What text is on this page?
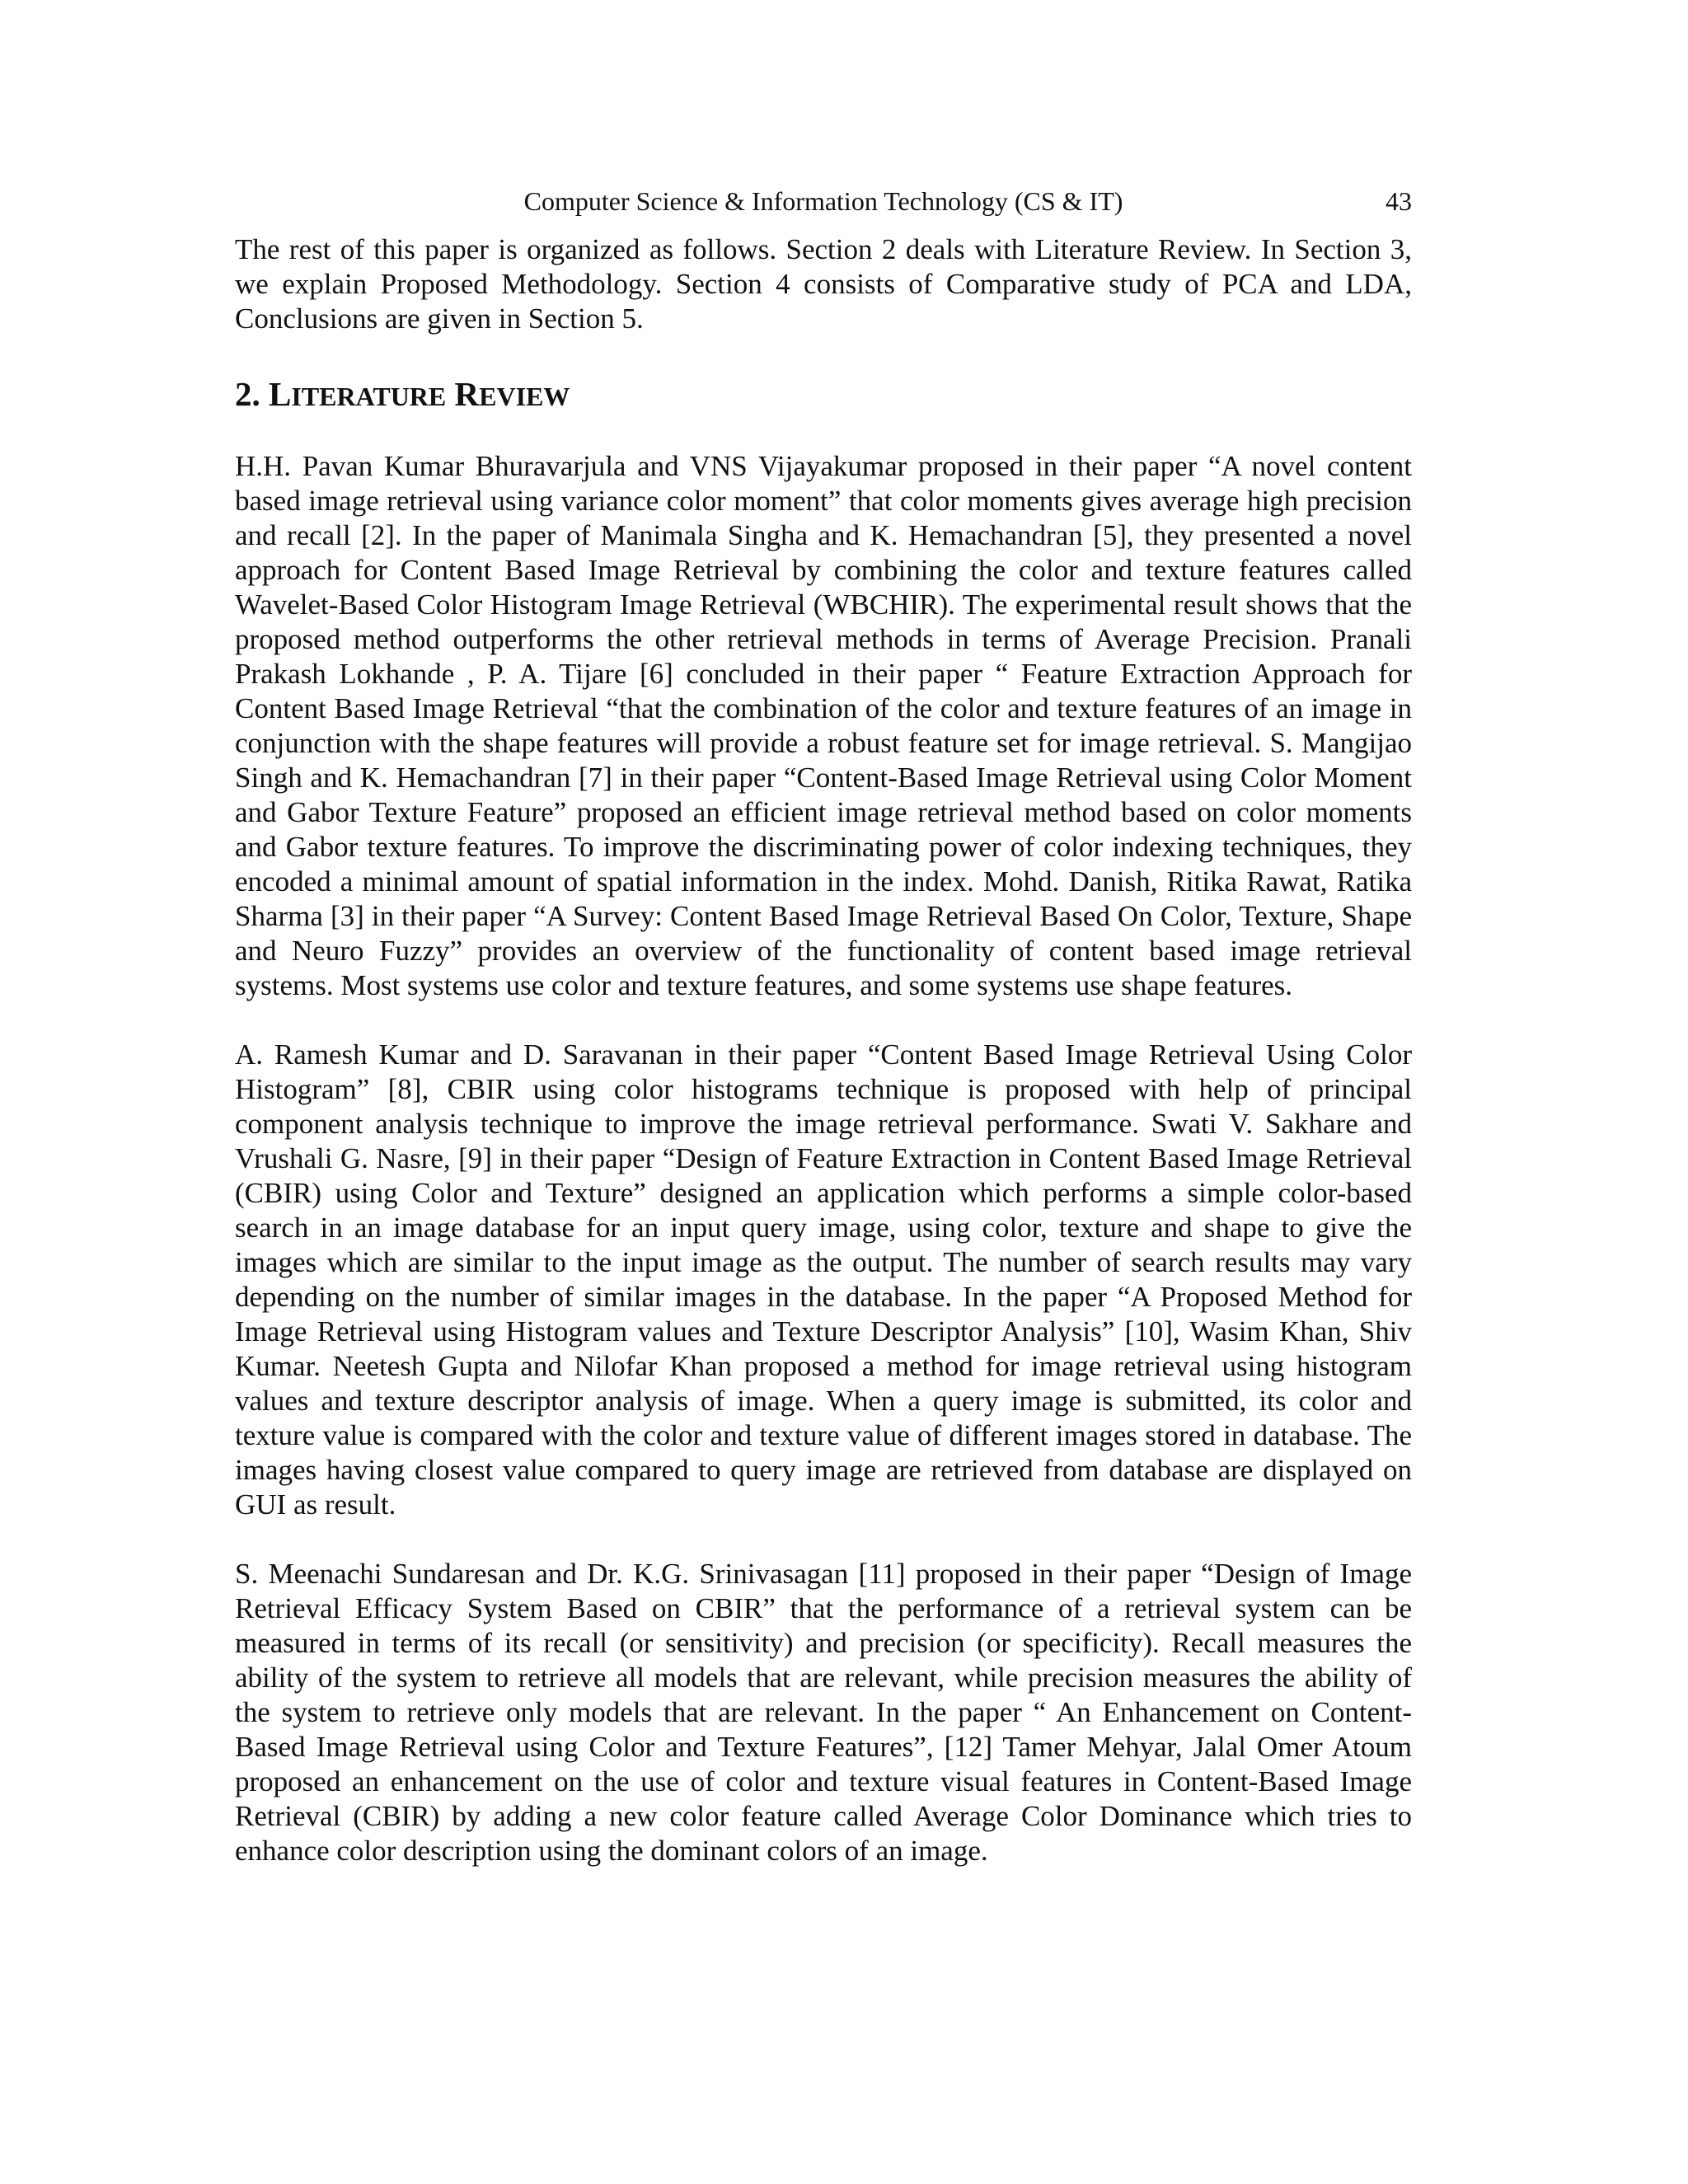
Computer Science & Information Technology (CS & IT)	43

The rest of this paper is organized as follows. Section 2 deals with Literature Review. In Section 3, we explain Proposed Methodology. Section 4 consists of Comparative study of PCA and LDA, Conclusions are given in Section 5.

2. LITERATURE REVIEW

H.H. Pavan Kumar Bhuravarjula and VNS Vijayakumar proposed in their paper “A novel content based image retrieval using variance color moment” that color moments gives average high precision and recall [2]. In the paper of Manimala Singha and K. Hemachandran [5], they presented a novel approach for Content Based Image Retrieval by combining the color and texture features called Wavelet-Based Color Histogram Image Retrieval (WBCHIR). The experimental result shows that the proposed method outperforms the other retrieval methods in terms of Average Precision. Pranali Prakash Lokhande , P. A. Tijare [6] concluded in their paper “ Feature Extraction Approach for Content Based Image Retrieval “that the combination of the color and texture features of an image in conjunction with the shape features will provide a robust feature set for image retrieval. S. Mangijao Singh and K. Hemachandran [7] in their paper “Content-Based Image Retrieval using Color Moment and Gabor Texture Feature” proposed an efficient image retrieval method based on color moments and Gabor texture features. To improve the discriminating power of color indexing techniques, they encoded a minimal amount of spatial information in the index. Mohd. Danish, Ritika Rawat, Ratika Sharma [3] in their paper “A Survey: Content Based Image Retrieval Based On Color, Texture, Shape and Neuro Fuzzy” provides an overview of the functionality of content based image retrieval systems. Most systems use color and texture features, and some systems use shape features.

A. Ramesh Kumar and D. Saravanan in their paper “Content Based Image Retrieval Using Color Histogram” [8], CBIR using color histograms technique is proposed with help of principal component analysis technique to improve the image retrieval performance. Swati V. Sakhare and Vrushali G. Nasre, [9] in their paper “Design of Feature Extraction in Content Based Image Retrieval (CBIR) using Color and Texture” designed an application which performs a simple color-based search in an image database for an input query image, using color, texture and shape to give the images which are similar to the input image as the output. The number of search results may vary depending on the number of similar images in the database. In the paper “A Proposed Method for Image Retrieval using Histogram values and Texture Descriptor Analysis” [10], Wasim Khan, Shiv Kumar. Neetesh Gupta and Nilofar Khan proposed a method for image retrieval using histogram values and texture descriptor analysis of image. When a query image is submitted, its color and texture value is compared with the color and texture value of different images stored in database. The images having closest value compared to query image are retrieved from database are displayed on GUI as result.

S. Meenachi Sundaresan and Dr. K.G. Srinivasagan [11] proposed in their paper “Design of Image Retrieval Efficacy System Based on CBIR” that the performance of a retrieval system can be measured in terms of its recall (or sensitivity) and precision (or specificity). Recall measures the ability of the system to retrieve all models that are relevant, while precision measures the ability of the system to retrieve only models that are relevant. In the paper “ An Enhancement on Content-Based Image Retrieval using Color and Texture Features”, [12] Tamer Mehyar, Jalal Omer Atoum proposed an enhancement on the use of color and texture visual features in Content-Based Image Retrieval (CBIR) by adding a new color feature called Average Color Dominance which tries to enhance color description using the dominant colors of an image.
